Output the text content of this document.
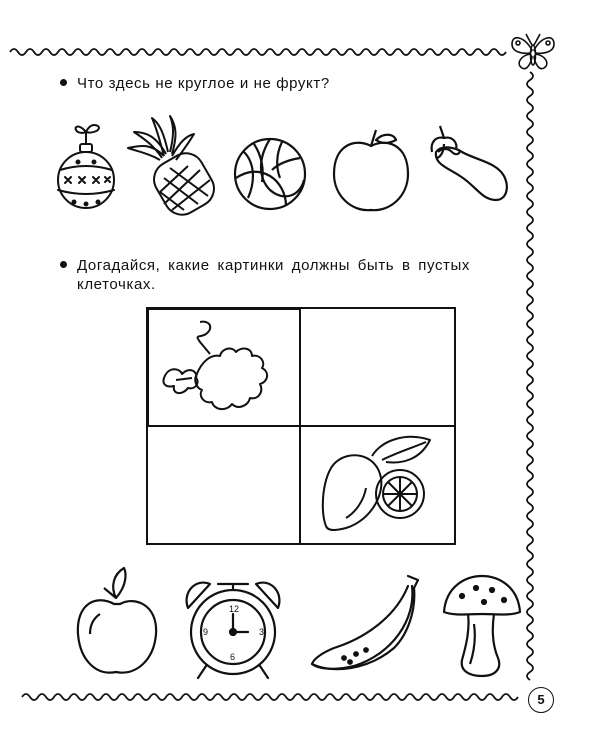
Что здесь не круглое и не фрукт?
Догадайся, какие картинки должны быть в пустых
клеточках.
12
3
6
9
5
